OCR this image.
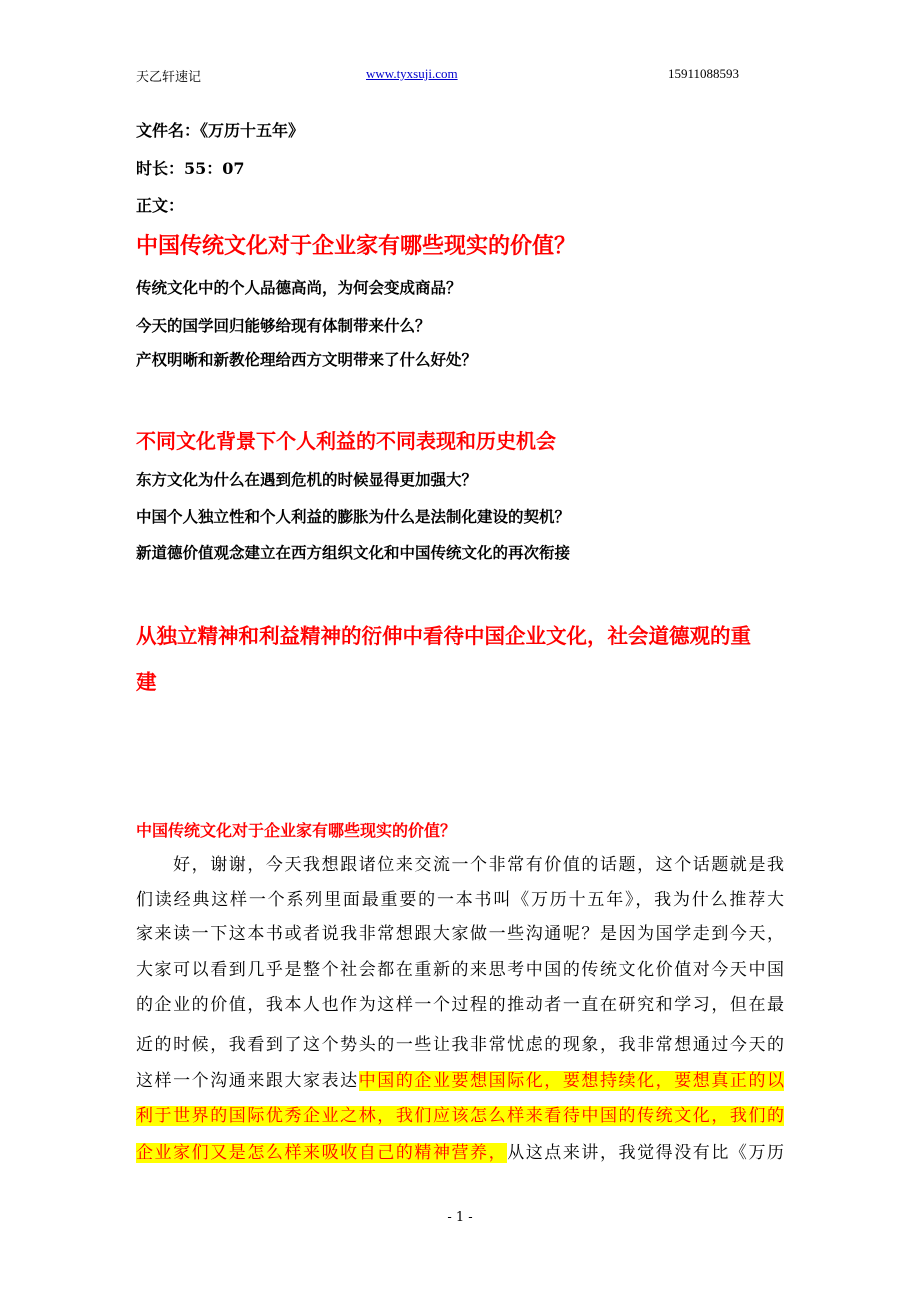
天乙轩速记	www.tyxsuji.com	15911088593
文件名：《万历十五年》
时长：55：07
正文：
中国传统文化对于企业家有哪些现实的价值？
传统文化中的个人品德高尚，为何会变成商品？
今天的国学回归能够给现有体制带来什么？
产权明晰和新教伦理给西方文明带来了什么好处？
不同文化背景下个人利益的不同表现和历史机会
东方文化为什么在遇到危机的时候显得更加强大？
中国个人独立性和个人利益的膨胀为什么是法制化建设的契机？
新道德价值观念建立在西方组织文化和中国传统文化的再次衔接
从独立精神和利益精神的衍伸中看待中国企业文化，社会道德观的重
建
中国传统文化对于企业家有哪些现实的价值？
　　好，谢谢，今天我想跟诸位来交流一个非常有价值的话题，这个话题就是我
们读经典这样一个系列里面最重要的一本书叫《万历十五年》，我为什么推荐大
家来读一下这本书或者说我非常想跟大家做一些沟通呢？是因为国学走到今天，
大家可以看到几乎是整个社会都在重新的来思考中国的传统文化价值对今天中国
的企业的价值，我本人也作为这样一个过程的推动者一直在研究和学习，但在最
近的时候，我看到了这个势头的一些让我非常忧虑的现象，我非常想通过今天的
这样一个沟通来跟大家表达中国的企业要想国际化，要想持续化，要想真正的以
利于世界的国际优秀企业之林，我们应该怎么样来看待中国的传统文化，我们的
企业家们又是怎么样来吸收自己的精神营养，从这点来讲，我觉得没有比《万历
- 1 -
